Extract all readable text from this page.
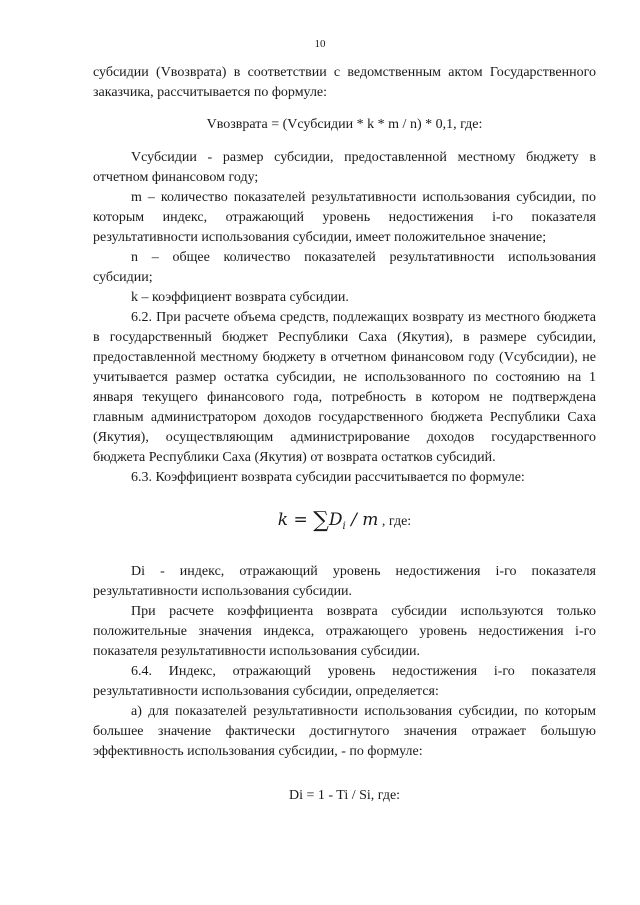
10

субсидии (Vвозврата) в соответствии с ведомственным актом Государственного заказчика, рассчитывается по формуле:

Vвозврата = (Vсубсидии * k * m / n) * 0,1, где:

Vсубсидии - размер субсидии, предоставленной местному бюджету в отчетном финансовом году;

m – количество показателей результативности использования субсидии, по которым индекс, отражающий уровень недостижения i-го показателя результативности использования субсидии, имеет положительное значение;

n – общее количество показателей результативности использования субсидии;

k – коэффициент возврата субсидии.

6.2. При расчете объема средств, подлежащих возврату из местного бюджета в государственный бюджет Республики Саха (Якутия), в размере субсидии, предоставленной местному бюджету в отчетном финансовом году (Vсубсидии), не учитывается размер остатка субсидии, не использованного по состоянию на 1 января текущего финансового года, потребность в котором не подтверждена главным администратором доходов государственного бюджета Республики Саха (Якутия), осуществляющим администрирование доходов государственного бюджета Республики Саха (Якутия) от возврата остатков субсидий.

6.3. Коэффициент возврата субсидии рассчитывается по формуле:

$k = \sum D_i / m$ , где:

Di - индекс, отражающий уровень недостижения i-го показателя результативности использования субсидии.

При расчете коэффициента возврата субсидии используются только положительные значения индекса, отражающего уровень недостижения i-го показателя результативности использования субсидии.

6.4. Индекс, отражающий уровень недостижения i-го показателя результативности использования субсидии, определяется:

а) для показателей результативности использования субсидии, по которым большее значение фактически достигнутого значения отражает большую эффективность использования субсидии, - по формуле:

Di = 1 - Ti / Si, где:
